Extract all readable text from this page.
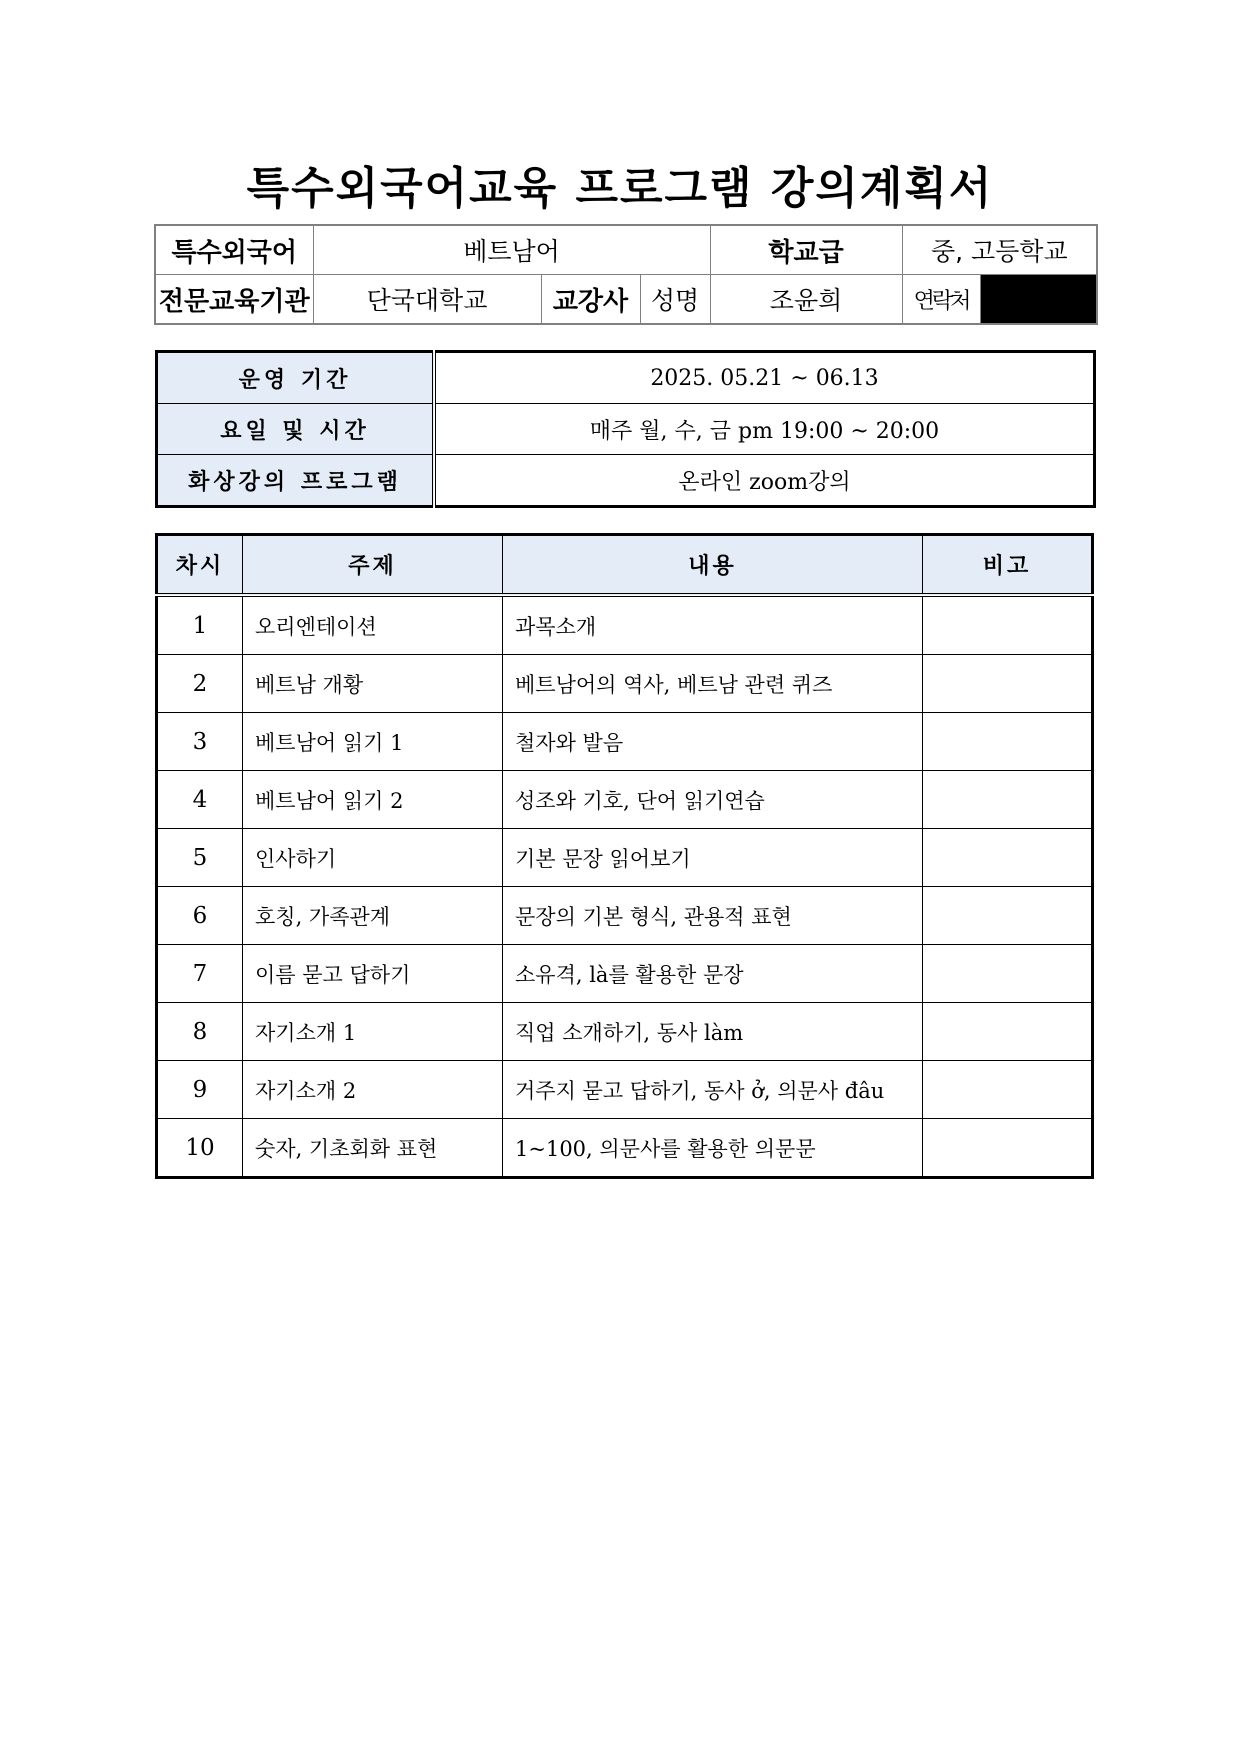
특수외국어교육 프로그램 강의계획서
특수외국어	베트남어			학교급	중, 고등학교	
전문교육기관	단국대학교	교강사	성명	조윤희	연락처	
운영 기간	2025. 05.21 ~ 06.13
요일 및 시간	매주 월, 수, 금 pm 19:00 ~ 20:00
화상강의 프로그램	온라인 zoom강의
차시	주제	내용	비고
1	오리엔테이션	과목소개	
2	베트남 개황	베트남어의 역사, 베트남 관련 퀴즈	
3	베트남어 읽기 1	철자와 발음	
4	베트남어 읽기 2	성조와 기호, 단어 읽기연습	
5	인사하기	기본 문장 읽어보기	
6	호칭, 가족관계	문장의 기본 형식, 관용적 표현	
7	이름 묻고 답하기	소유격, là를 활용한 문장	
8	자기소개 1	직업 소개하기, 동사 làm	
9	자기소개 2	거주지 묻고 답하기, 동사 ở, 의문사 đâu	
10	숫자, 기초회화 표현	1~100, 의문사를 활용한 의문문	
